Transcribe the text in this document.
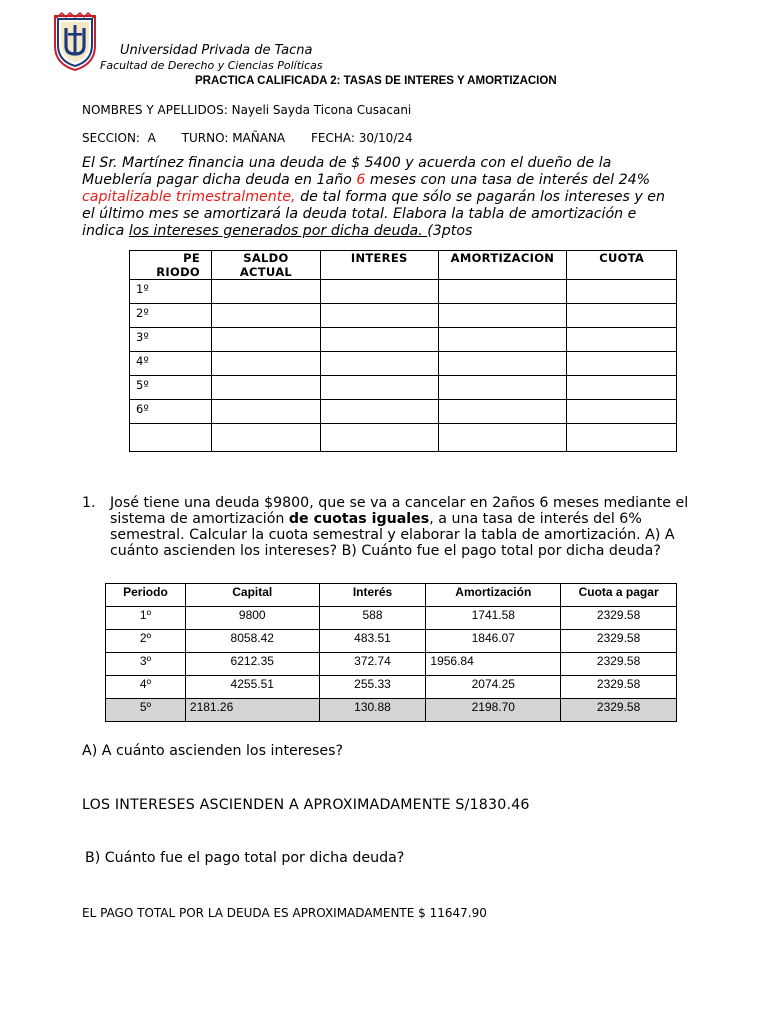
Universidad Privada de Tacna
Facultad de Derecho y Ciencias Políticas
PRACTICA CALIFICADA 2: TASAS DE INTERES Y AMORTIZACION
NOMBRES Y APELLIDOS: Nayeli Sayda Ticona Cusacani
SECCION: A TURNO: MAÑANA FECHA: 30/10/24
El Sr. Martínez financia una deuda de $ 5400 y acuerda con el dueño de la Mueblería pagar dicha deuda en 1año 6 meses con una tasa de interés del 24% capitalizable trimestralmente, de tal forma que sólo se pagarán los intereses y en el último mes se amortizará la deuda total. Elabora la tabla de amortización e indica los intereses generados por dicha deuda. (3ptos
PE RIODO	SALDO ACTUAL	INTERES	AMORTIZACION	CUOTA
1º				
2º				
3º				
4º				
5º				
6º				

1. José tiene una deuda $9800, que se va a cancelar en 2años 6 meses mediante el sistema de amortización de cuotas iguales, a una tasa de interés del 6% semestral. Calcular la cuota semestral y elaborar la tabla de amortización. A) A cuánto ascienden los intereses? B) Cuánto fue el pago total por dicha deuda?
Periodo	Capital	Interés	Amortización	Cuota a pagar
1º	9800	588	1741.58	2329.58
2º	8058.42	483.51	1846.07	2329.58
3º	6212.35	372.74	1956.84	2329.58
4º	4255.51	255.33	2074.25	2329.58
5º	2181.26	130.88	2198.70	2329.58
A) A cuánto ascienden los intereses?
LOS INTERESES ASCIENDEN A APROXIMADAMENTE S/1830.46
B) Cuánto fue el pago total por dicha deuda?
EL PAGO TOTAL POR LA DEUDA ES APROXIMADAMENTE $ 11647.90
